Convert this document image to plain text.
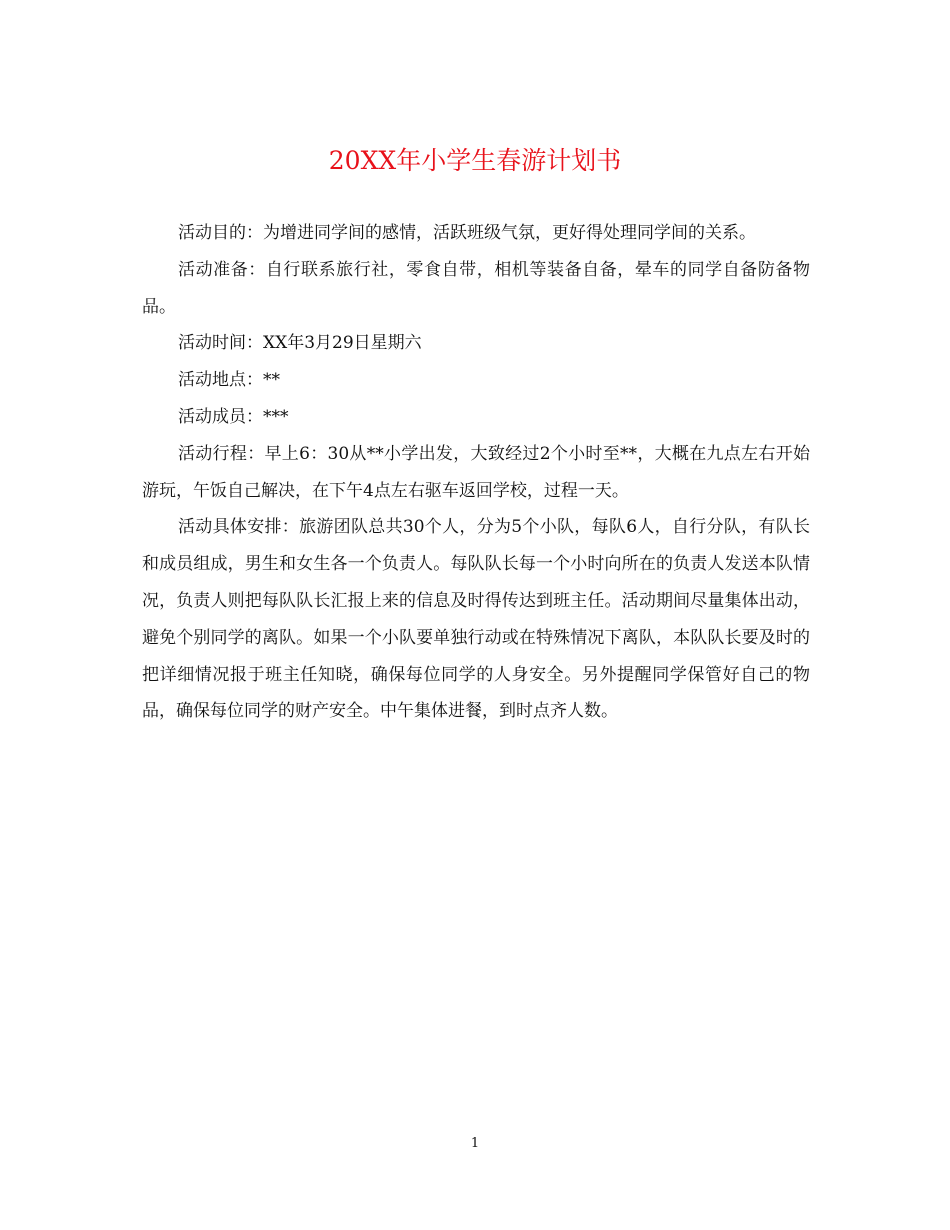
20XX年小学生春游计划书

活动目的：为增进同学间的感情，活跃班级气氛，更好得处理同学间的关系。

活动准备：自行联系旅行社，零食自带，相机等装备自备，晕车的同学自备防备物品。

活动时间：XX年3月29日星期六

活动地点：**

活动成员：***

活动行程：早上6：30从**小学出发，大致经过2个小时至**，大概在九点左右开始游玩，午饭自己解决，在下午4点左右驱车返回学校，过程一天。

活动具体安排：旅游团队总共30个人，分为5个小队，每队6人，自行分队，有队长和成员组成，男生和女生各一个负责人。每队队长每一个小时向所在的负责人发送本队情况，负责人则把每队队长汇报上来的信息及时得传达到班主任。活动期间尽量集体出动，避免个别同学的离队。如果一个小队要单独行动或在特殊情况下离队，本队队长要及时的把详细情况报于班主任知晓，确保每位同学的人身安全。另外提醒同学保管好自己的物品，确保每位同学的财产安全。中午集体进餐，到时点齐人数。

1
